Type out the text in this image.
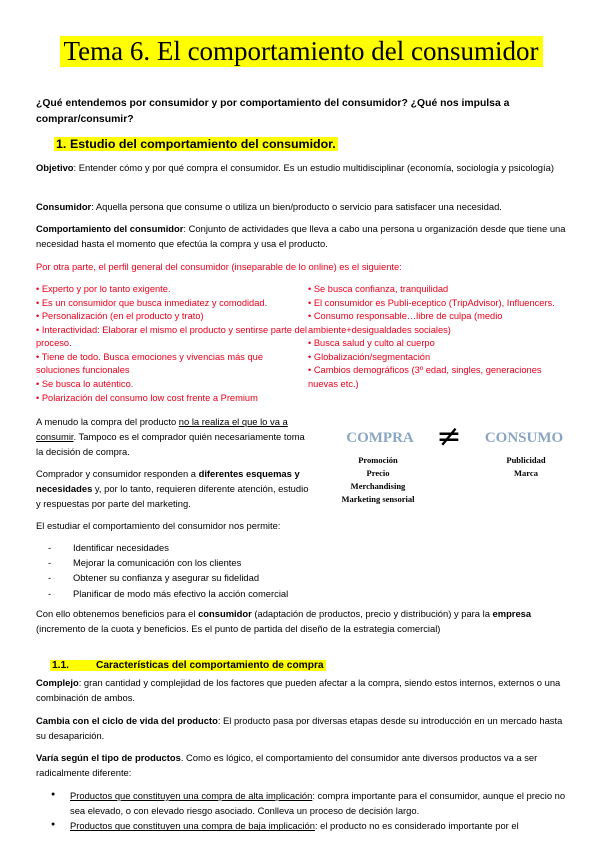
Tema 6. El comportamiento del consumidor
¿Qué entendemos por consumidor y por comportamiento del consumidor? ¿Qué nos impulsa a comprar/consumir?
1. Estudio del comportamiento del consumidor.
Objetivo: Entender cómo y por qué compra el consumidor. Es un estudio multidisciplinar (economía, sociología y psicología)
Consumidor: Aquella persona que consume o utiliza un bien/producto o servicio para satisfacer una necesidad.
Comportamiento del consumidor: Conjunto de actividades que lleva a cabo una persona u organización desde que tiene una necesidad hasta el momento que efectúa la compra y usa el producto.
Por otra parte, el perfil general del consumidor (inseparable de lo online) es el siguiente:
• Experto y por lo tanto exigente.
• Es un consumidor que busca inmediatez y comodidad.
• Personalización (en el producto y trato)
• Interactividad: Elaborar el mismo el producto y sentirse parte del proceso.
• Tiene de todo. Busca emociones y vivencias más que soluciones funcionales
• Se busca lo auténtico.
• Polarización del consumo low cost frente a Premium
• Se busca confianza, tranquilidad
• El consumidor es Publi-eceptico (TripAdvisor), Influencers.
• Consumo responsable…libre de culpa (medio ambiente+desigualdades sociales)
• Busca salud y culto al cuerpo
• Globalización/segmentación
• Cambios demográficos (3º edad, singles, generaciones nuevas etc.)
A menudo la compra del producto no la realiza el que lo va a consumir. Tampoco es el comprador quién necesariamente toma la decisión de compra.
Comprador y consumidor responden a diferentes esquemas y necesidades y, por lo tanto, requieren diferente atención, estudio y respuestas por parte del marketing.
El estudiar el comportamiento del consumidor nos permite:
- Identificar necesidades
- Mejorar la comunicación con los clientes
- Obtener su confianza y asegurar su fidelidad
- Planificar de modo más efectivo la acción comercial
COMPRA ≠ CONSUMO
Promoción
Precio
Merchandising
Marketing sensorial
Publicidad
Marca
Con ello obtenemos beneficios para el consumidor (adaptación de productos, precio y distribución) y para la empresa (incremento de la cuota y beneficios. Es el punto de partida del diseño de la estrategia comercial)
1.1.	Características del comportamiento de compra
Complejo: gran cantidad y complejidad de los factores que pueden afectar a la compra, siendo estos internos, externos o una combinación de ambos.
Cambia con el ciclo de vida del producto: El producto pasa por diversas etapas desde su introducción en un mercado hasta su desaparición.
Varía según el tipo de productos. Como es lógico, el comportamiento del consumidor ante diversos productos va a ser radicalmente diferente:
● Productos que constituyen una compra de alta implicación: compra importante para el consumidor, aunque el precio no sea elevado, o con elevado riesgo asociado. Conlleva un proceso de decisión largo.
● Productos que constituyen una compra de baja implicación: el producto no es considerado importante por el
